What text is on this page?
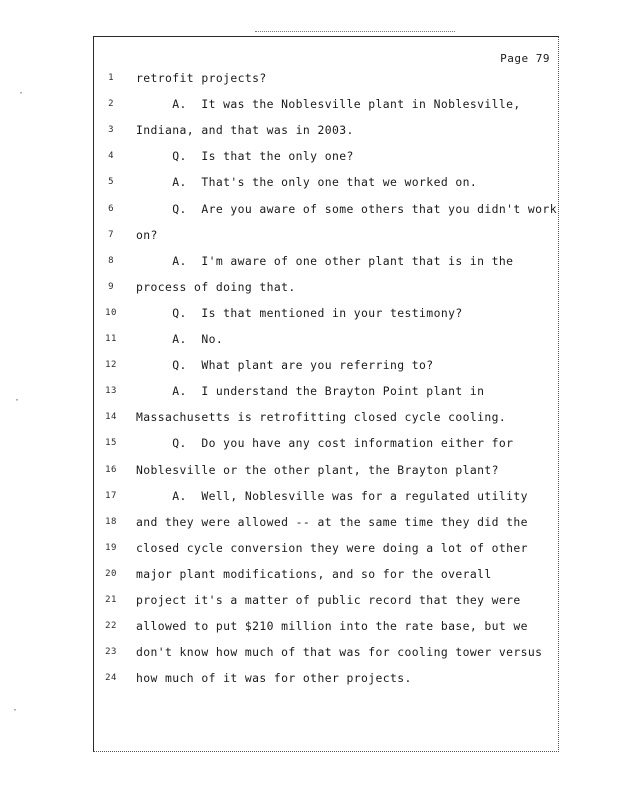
·
·
·
Page 79
1	retrofit projects?
2	A.  It was the Noblesville plant in Noblesville,
3	Indiana, and that was in 2003.
4	Q.  Is that the only one?
5	A.  That's the only one that we worked on.
6	Q.  Are you aware of some others that you didn't work
7	on?
8	A.  I'm aware of one other plant that is in the
9	process of doing that.
10	Q.  Is that mentioned in your testimony?
11	A.  No.
12	Q.  What plant are you referring to?
13	A.  I understand the Brayton Point plant in
14	Massachusetts is retrofitting closed cycle cooling.
15	Q.  Do you have any cost information either for
16	Noblesville or the other plant, the Brayton plant?
17	A.  Well, Noblesville was for a regulated utility
18	and they were allowed -- at the same time they did the
19	closed cycle conversion they were doing a lot of other
20	major plant modifications, and so for the overall
21	project it's a matter of public record that they were
22	allowed to put $210 million into the rate base, but we
23	don't know how much of that was for cooling tower versus
24	how much of it was for other projects.
